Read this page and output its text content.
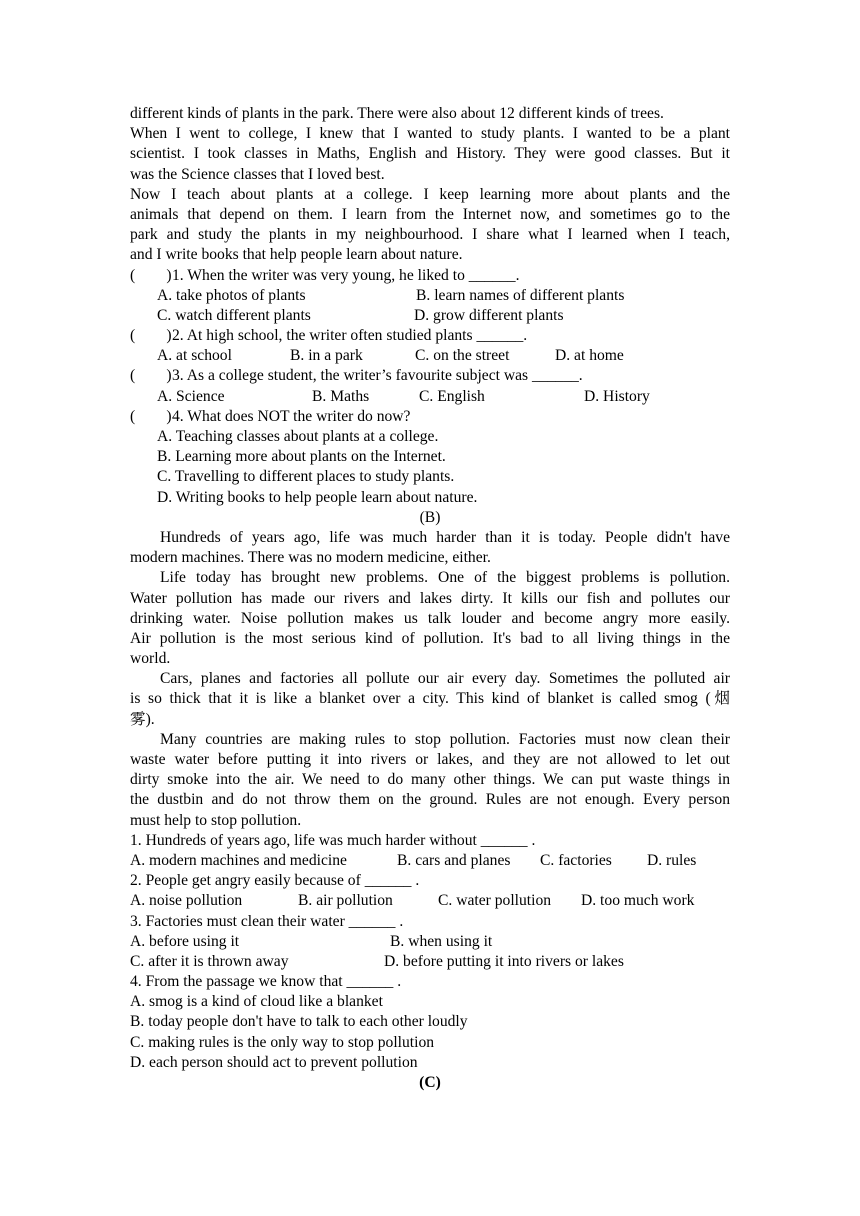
different kinds of plants in the park. There were also about 12 different kinds of trees.
When I went to college, I knew that I wanted to study plants. I wanted to be a plant
scientist. I took classes in Maths, English and History. They were good classes. But it
was the Science classes that I loved best.
Now I teach about plants at a college. I keep learning more about plants and the
animals that depend on them. I learn from the Internet now, and sometimes go to the
park and study the plants in my neighbourhood. I share what I learned when I teach,
and I write books that help people learn about nature.
(　　)1. When the writer was very young, he liked to ______.
A. take photos of plants	B. learn names of different plants
C. watch different plants	D. grow different plants
(　　)2. At high school, the writer often studied plants ______.
A. at school	B. in a park	C. on the street	D. at home
(　　)3. As a college student, the writer’s favourite subject was ______.
A. Science	B. Maths	C. English	D. History
(　　)4. What does NOT the writer do now?
A. Teaching classes about plants at a college.
B. Learning more about plants on the Internet.
C. Travelling to different places to study plants.
D. Writing books to help people learn about nature.
(B)
Hundreds of years ago, life was much harder than it is today. People didn't have
modern machines. There was no modern medicine, either.
Life today has brought new problems. One of the biggest problems is pollution.
Water pollution has made our rivers and lakes dirty. It kills our fish and pollutes our
drinking water. Noise pollution makes us talk louder and become angry more easily.
Air pollution is the most serious kind of pollution. It's bad to all living things in the
world.
Cars, planes and factories all pollute our air every day. Sometimes the polluted air
is so thick that it is like a blanket over a city. This kind of blanket is called smog (烟
雾).
Many countries are making rules to stop pollution. Factories must now clean their
waste water before putting it into rivers or lakes, and they are not allowed to let out
dirty smoke into the air. We need to do many other things. We can put waste things in
the dustbin and do not throw them on the ground. Rules are not enough. Every person
must help to stop pollution.
1. Hundreds of years ago, life was much harder without ______ .
A. modern machines and medicine	B. cars and planes C. factories D. rules
2. People get angry easily because of ______ .
A. noise pollution	B. air pollution	C. water pollution D. too much work
3. Factories must clean their water ______ .
A. before using it	B. when using it
C. after it is thrown away	D. before putting it into rivers or lakes
4. From the passage we know that ______ .
A. smog is a kind of cloud like a blanket
B. today people don't have to talk to each other loudly
C. making rules is the only way to stop pollution
D. each person should act to prevent pollution
(C)
